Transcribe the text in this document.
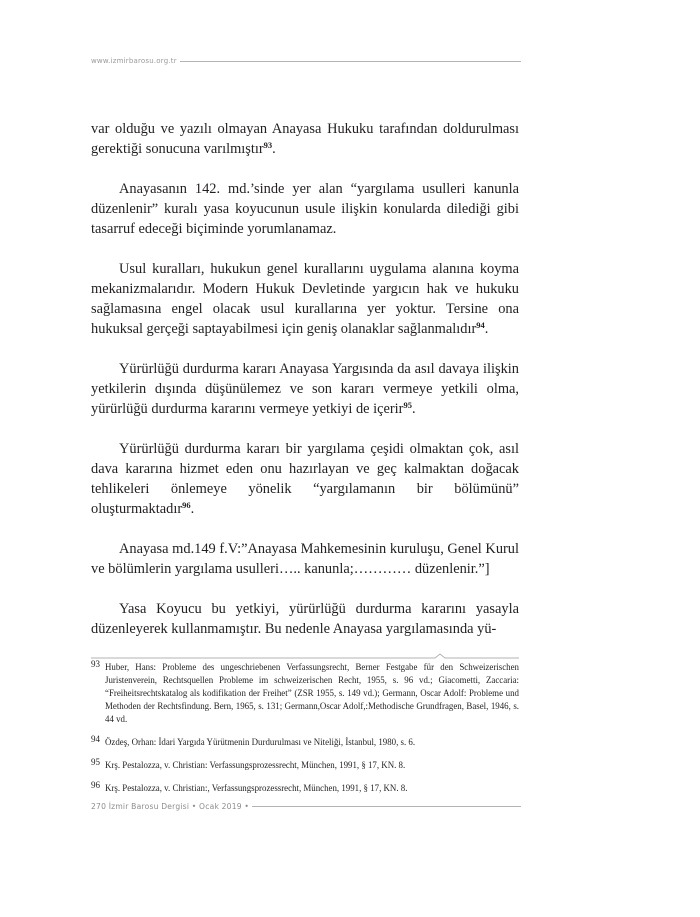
www.izmirbarosu.org.tr

var olduğu ve yazılı olmayan Anayasa Hukuku tarafından doldurulması gerektiği sonucuna varılmıştır$^{93}$.

Anayasanın 142. md.’sinde yer alan “yargılama usulleri kanunla düzenlenir” kuralı yasa koyucunun usule ilişkin konularda dilediği gibi tasarruf edeceği biçiminde yorumlanamaz.

Usul kuralları, hukukun genel kurallarını uygulama alanına koyma mekanizmalarıdır. Modern Hukuk Devletinde yargıcın hak ve hukuku sağlamasına engel olacak usul kurallarına yer yoktur. Tersine ona hukuksal gerçeği saptayabilmesi için geniş olanaklar sağlanmalıdır$^{94}$.

Yürürlüğü durdurma kararı Anayasa Yargısında da asıl davaya ilişkin yetkilerin dışında düşünülemez ve son kararı vermeye yetkili olma, yürürlüğü durdurma kararını vermeye yetkiyi de içerir$^{95}$.

Yürürlüğü durdurma kararı bir yargılama çeşidi olmaktan çok, asıl dava kararına hizmet eden onu hazırlayan ve geç kalmaktan doğacak tehlikeleri önlemeye yönelik “yargılamanın bir bölümünü” oluşturmaktadır$^{96}$.

Anayasa md.149 f.V:”Anayasa Mahkemesinin kuruluşu, Genel Kurul ve bölümlerin yargılama usulleri….. kanunla;………… düzenlenir.”]

Yasa Koyucu bu yetkiyi, yürürlüğü durdurma kararını yasayla düzenleyerek kullanmamıştır. Bu nedenle Anayasa yargılamasında yü-

93 Huber, Hans: Probleme des ungeschriebenen Verfassungsrecht, Berner Festgabe für den Schweizerischen Juristenverein, Rechtsquellen Probleme im schweizerischen Recht, 1955, s. 96 vd.; Giacometti, Zaccaria: “Freiheitsrechtskatalog als kodifikation der Freihet” (ZSR 1955, s. 149 vd.); Germann, Oscar Adolf: Probleme und Methoden der Rechtsfindung. Bern, 1965, s. 131; Germann,Oscar Adolf,:Methodische Grundfragen, Basel, 1946, s. 44 vd.
94 Özdeş, Orhan: İdari Yargıda Yürütmenin Durdurulması ve Niteliği, İstanbul, 1980, s. 6.
95 Krş. Pestalozza, v. Christian: Verfassungsprozessrecht, München, 1991, § 17, KN. 8.
96 Krş. Pestalozza, v. Christian:, Verfassungsprozessrecht, München, 1991, § 17, KN. 8.
270 İzmir Barosu Dergisi • Ocak 2019 •
